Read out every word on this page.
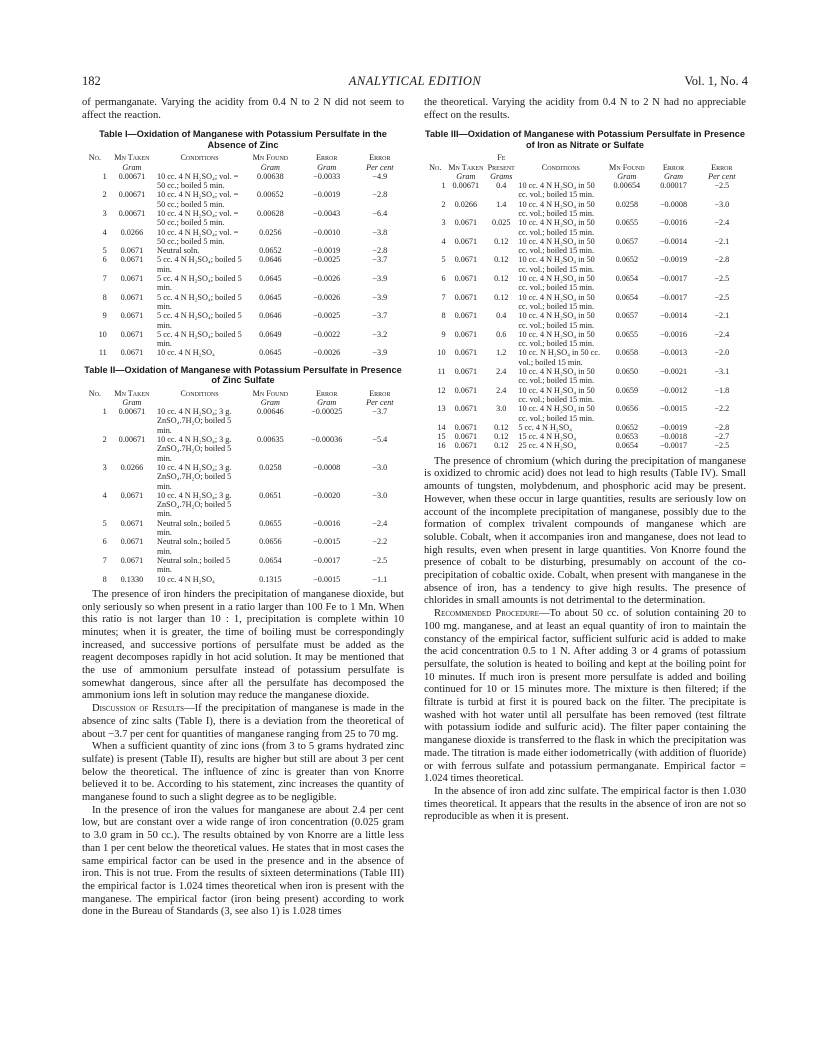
182	ANALYTICAL EDITION	Vol. 1, No. 4

of permanganate. Varying the acidity from 0.4 N to 2 N did not seem to affect the reaction.

Table I—Oxidation of Manganese with Potassium Persulfate in the Absence of Zinc
No.	Mn Taken	Conditions	Mn Found	Error	Error
	Gram		Gram	Gram	Per cent
1	0.00671	10 cc. 4 N H₂SO₄; vol. = 50 cc.; boiled 5 min.	0.00638	−0.0033	−4.9
2	0.00671	10 cc. 4 N H₂SO₄; vol. = 50 cc.; boiled 5 min.	0.00652	−0.0019	−2.8
3	0.00671	10 cc. 4 N H₂SO₄; vol. = 50 cc.; boiled 5 min.	0.00628	−0.0043	−6.4
4	0.0266	10 cc. 4 N H₂SO₄; vol. = 50 cc.; boiled 5 min.	0.0256	−0.0010	−3.8
5	0.0671	Neutral soln.	0.0652	−0.0019	−2.8
6	0.0671	5 cc. 4 N H₂SO₄; boiled 5 min.	0.0646	−0.0025	−3.7
7	0.0671	5 cc. 4 N H₂SO₄; boiled 5 min.	0.0645	−0.0026	−3.9
8	0.0671	5 cc. 4 N H₂SO₄; boiled 5 min.	0.0645	−0.0026	−3.9
9	0.0671	5 cc. 4 N H₂SO₄; boiled 5 min.	0.0646	−0.0025	−3.7
10	0.0671	5 cc. 4 N H₂SO₄; boiled 5 min.	0.0649	−0.0022	−3.2
11	0.0671	10 cc. 4 N H₂SO₄	0.0645	−0.0026	−3.9
Table II—Oxidation of Manganese with Potassium Persulfate in Presence of Zinc Sulfate
No.	Mn Taken	Conditions	Mn Found	Error	Error
	Gram		Gram	Gram	Per cent
1	0.00671	10 cc. 4 N H₂SO₄; 3 g. ZnSO₄.7H₂O; boiled 5 min.	0.00646	−0.00025	−3.7
2	0.00671	10 cc. 4 N H₂SO₄; 3 g. ZnSO₄.7H₂O; boiled 5 min.	0.00635	−0.00036	−5.4
3	0.0266	10 cc. 4 N H₂SO₄; 3 g. ZnSO₄.7H₂O; boiled 5 min.	0.0258	−0.0008	−3.0
4	0.0671	10 cc. 4 N H₂SO₄; 3 g. ZnSO₄.7H₂O; boiled 5 min.	0.0651	−0.0020	−3.0
5	0.0671	Neutral soln.; boiled 5 min.	0.0655	−0.0016	−2.4
6	0.0671	Neutral soln.; boiled 5 min.	0.0656	−0.0015	−2.2
7	0.0671	Neutral soln.; boiled 5 min.	0.0654	−0.0017	−2.5
8	0.1330	10 cc. 4 N H₂SO₄	0.1315	−0.0015	−1.1

The presence of iron hinders the precipitation of manganese dioxide, but only seriously so when present in a ratio larger than 100 Fe to 1 Mn. When this ratio is not larger than 10 : 1, precipitation is complete within 10 minutes; when it is greater, the time of boiling must be correspondingly increased, and successive portions of persulfate must be added as the reagent decomposes rapidly in hot acid solution. It may be mentioned that the use of ammonium persulfate instead of potassium persulfate is somewhat dangerous, since after all the persulfate has decomposed the ammonium ions left in solution may reduce the manganese dioxide.

Discussion of Results—If the precipitation of manganese is made in the absence of zinc salts (Table I), there is a deviation from the theoretical of about −3.7 per cent for quantities of manganese ranging from 25 to 70 mg.

When a sufficient quantity of zinc ions (from 3 to 5 grams hydrated zinc sulfate) is present (Table II), results are higher but still are about 3 per cent below the theoretical. The influence of zinc is greater than von Knorre believed it to be. According to his statement, zinc increases the quantity of manganese found to such a slight degree as to be negligible.

In the presence of iron the values for manganese are about 2.4 per cent low, but are constant over a wide range of iron concentration (0.025 gram to 3.0 gram in 50 cc.). The results obtained by von Knorre are a little less than 1 per cent below the theoretical values. He states that in most cases the same empirical factor can be used in the presence and in the absence of iron. This is not true. From the results of sixteen determinations (Table III) the empirical factor is 1.024 times theoretical when iron is present with the manganese. The empirical factor (iron being present) according to work done in the Bureau of Standards (3, see also 1) is 1.028 times

the theoretical. Varying the acidity from 0.4 N to 2 N had no appreciable effect on the results.

Table III—Oxidation of Manganese with Potassium Persulfate in Presence of Iron as Nitrate or Sulfate
No.	Mn Taken	Fe Present	Conditions	Mn Found	Error	Error
	Gram	Grams		Gram	Gram	Per cent
1	0.00671	0.4	10 cc. 4 N H₂SO₄ in 50 cc. vol.; boiled 15 min.	0.00654	0.00017	−2.5
2	0.0266	1.4	10 cc. 4 N H₂SO₄ in 50 cc. vol.; boiled 15 min.	0.0258	−0.0008	−3.0
3	0.0671	0.025	10 cc. 4 N H₂SO₄ in 50 cc. vol.; boiled 15 min.	0.0655	−0.0016	−2.4
4	0.0671	0.12	10 cc. 4 N H₂SO₄ in 50 cc. vol.; boiled 15 min.	0.0657	−0.0014	−2.1
5	0.0671	0.12	10 cc. 4 N H₂SO₄ in 50 cc. vol.; boiled 15 min.	0.0652	−0.0019	−2.8
6	0.0671	0.12	10 cc. 4 N H₂SO₄ in 50 cc. vol.; boiled 15 min.	0.0654	−0.0017	−2.5
7	0.0671	0.12	10 cc. 4 N H₂SO₄ in 50 cc. vol.; boiled 15 min.	0.0654	−0.0017	−2.5
8	0.0671	0.4	10 cc. 4 N H₂SO₄ in 50 cc. vol.; boiled 15 min.	0.0657	−0.0014	−2.1
9	0.0671	0.6	10 cc. 4 N H₂SO₄ in 50 cc. vol.; boiled 15 min.	0.0655	−0.0016	−2.4
10	0.0671	1.2	10 cc. N H₂SO₄ in 50 cc. vol.; boiled 15 min.	0.0658	−0.0013	−2.0
11	0.0671	2.4	10 cc. 4 N H₂SO₄ in 50 cc. vol.; boiled 15 min.	0.0650	−0.0021	−3.1
12	0.0671	2.4	10 cc. 4 N H₂SO₄ in 50 cc. vol.; boiled 15 min.	0.0659	−0.0012	−1.8
13	0.0671	3.0	10 cc. 4 N H₂SO₄ in 50 cc. vol.; boiled 15 min.	0.0656	−0.0015	−2.2
14	0.0671	0.12	5 cc. 4 N H₂SO₄	0.0652	−0.0019	−2.8
15	0.0671	0.12	15 cc. 4 N H₂SO₄	0.0653	−0.0018	−2.7
16	0.0671	0.12	25 cc. 4 N H₂SO₄	0.0654	−0.0017	−2.5

The presence of chromium (which during the precipitation of manganese is oxidized to chromic acid) does not lead to high results (Table IV). Small amounts of tungsten, molybdenum, and phosphoric acid may be present. However, when these occur in large quantities, results are seriously low on account of the incomplete precipitation of manganese, possibly due to the formation of complex trivalent compounds of manganese which are soluble. Cobalt, when it accompanies iron and manganese, does not lead to high results, even when present in large quantities. Von Knorre found the presence of cobalt to be disturbing, presumably on account of the co-precipitation of cobaltic oxide. Cobalt, when present with manganese in the absence of iron, has a tendency to give high results. The presence of chlorides in small amounts is not detrimental to the determination.

Recommended Procedure—To about 50 cc. of solution containing 20 to 100 mg. manganese, and at least an equal quantity of iron to maintain the constancy of the empirical factor, sufficient sulfuric acid is added to make the acid concentration 0.5 to 1 N. After adding 3 or 4 grams of potassium persulfate, the solution is heated to boiling and kept at the boiling point for 10 minutes. If much iron is present more persulfate is added and boiling continued for 10 or 15 minutes more. The mixture is then filtered; if the filtrate is turbid at first it is poured back on the filter. The precipitate is washed with hot water until all persulfate has been removed (test filtrate with potassium iodide and sulfuric acid). The filter paper containing the manganese dioxide is transferred to the flask in which the precipitation was made. The titration is made either iodometrically (with addition of fluoride) or with ferrous sulfate and potassium permanganate. Empirical factor = 1.024 times theoretical.

In the absence of iron add zinc sulfate. The empirical factor is then 1.030 times theoretical. It appears that the results in the absence of iron are not so reproducible as when it is present.
